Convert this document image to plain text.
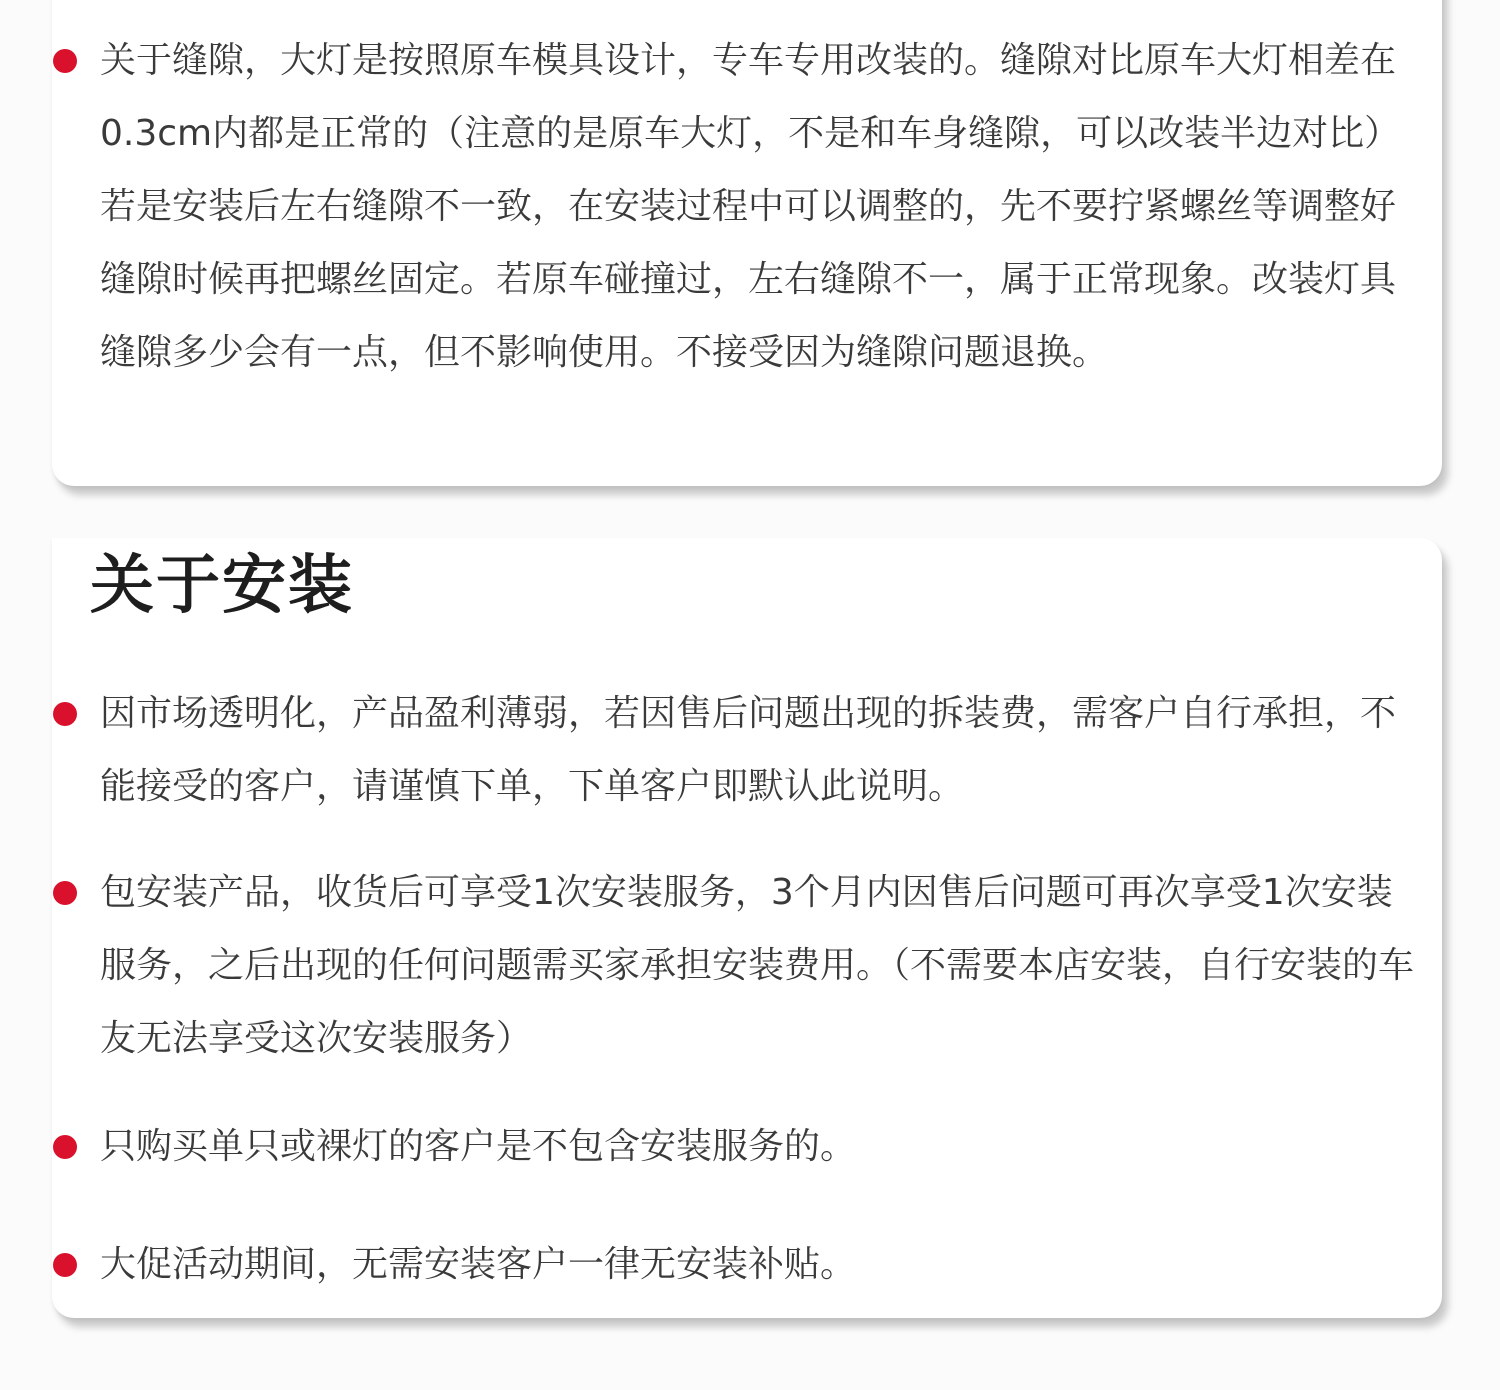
关于缝隙，大灯是按照原车模具设计，专车专用改装的。缝隙对比原车大灯相差在0.3cm内都是正常的（注意的是原车大灯，不是和车身缝隙，可以改装半边对比）若是安装后左右缝隙不一致，在安装过程中可以调整的，先不要拧紧螺丝等调整好缝隙时候再把螺丝固定。若原车碰撞过，左右缝隙不一，属于正常现象。改装灯具缝隙多少会有一点，但不影响使用。不接受因为缝隙问题退换。

关于安装

因市场透明化，产品盈利薄弱，若因售后问题出现的拆装费，需客户自行承担，不能接受的客户，请谨慎下单，下单客户即默认此说明。

包安装产品，收货后可享受1次安装服务，3个月内因售后问题可再次享受1次安装服务，之后出现的任何问题需买家承担安装费用。（不需要本店安装，自行安装的车友无法享受这次安装服务）

只购买单只或裸灯的客户是不包含安装服务的。

大促活动期间，无需安装客户一律无安装补贴。
